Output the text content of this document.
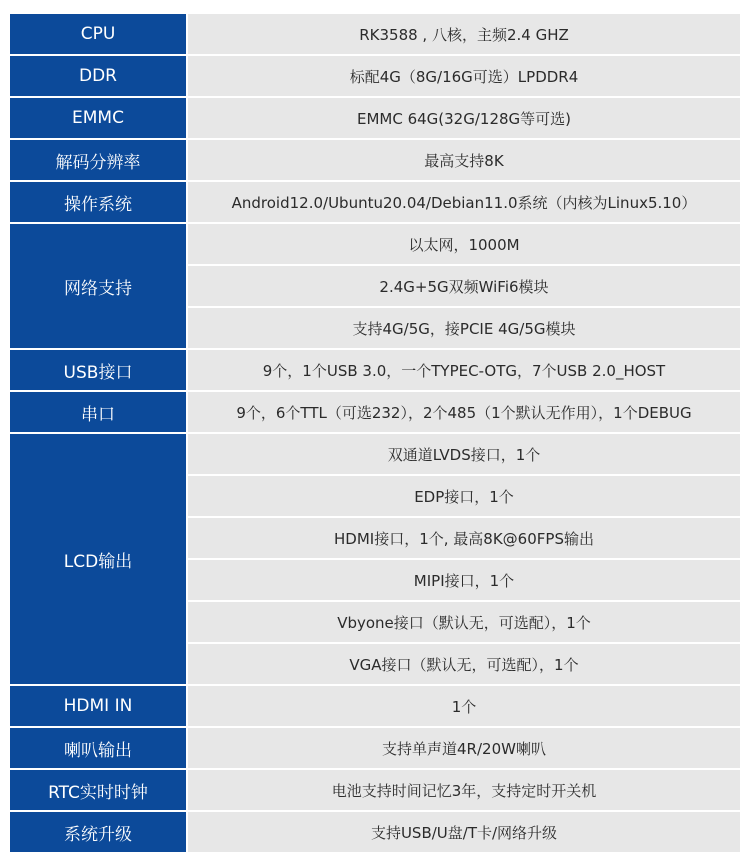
CPU	RK3588 , 八核，主频2.4 GHZ
DDR	标配4G（8G/16G可选）LPDDR4
EMMC	EMMC 64G(32G/128G等可选)
解码分辨率	最高支持8K
操作系统	Android12.0/Ubuntu20.04/Debian11.0系统（内核为Linux5.10）
网络支持
以太网，1000M
2.4G+5G双频WiFi6模块
支持4G/5G，接PCIE 4G/5G模块
USB接口	9个，1个USB 3.0，一个TYPEC-OTG，7个USB 2.0_HOST
串口	9个，6个TTL（可选232），2个485（1个默认无作用），1个DEBUG
LCD输出
双通道LVDS接口，1个
EDP接口，1个
HDMI接口，1个, 最高8K@60FPS输出
MIPI接口，1个
Vbyone接口（默认无，可选配），1个
VGA接口（默认无，可选配），1个
HDMI IN	1个
喇叭输出	支持单声道4R/20W喇叭
RTC实时时钟	电池支持时间记忆3年，支持定时开关机
系统升级	支持USB/U盘/T卡/网络升级
